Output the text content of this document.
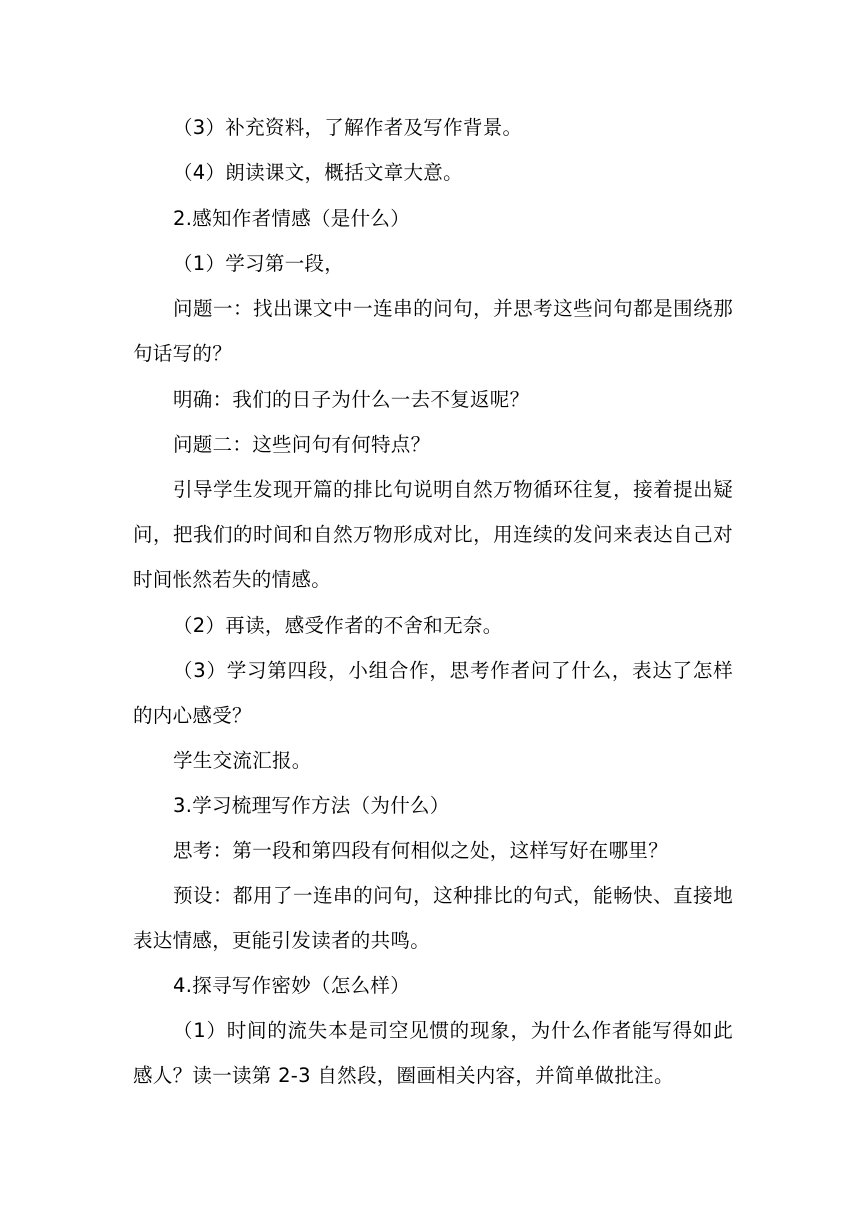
（3）补充资料，了解作者及写作背景。
（4）朗读课文，概括文章大意。
2.感知作者情感（是什么）
（1）学习第一段，
问题一：找出课文中一连串的问句，并思考这些问句都是围绕那句话写的？
明确：我们的日子为什么一去不复返呢？
问题二：这些问句有何特点？
引导学生发现开篇的排比句说明自然万物循环往复，接着提出疑问，把我们的时间和自然万物形成对比，用连续的发问来表达自己对时间怅然若失的情感。
（2）再读，感受作者的不舍和无奈。
（3）学习第四段，小组合作，思考作者问了什么，表达了怎样的内心感受？
学生交流汇报。
3.学习梳理写作方法（为什么）
思考：第一段和第四段有何相似之处，这样写好在哪里？
预设：都用了一连串的问句，这种排比的句式，能畅快、直接地表达情感，更能引发读者的共鸣。
4.探寻写作密妙（怎么样）
（1）时间的流失本是司空见惯的现象，为什么作者能写得如此感人？读一读第 2-3 自然段，圈画相关内容，并简单做批注。
